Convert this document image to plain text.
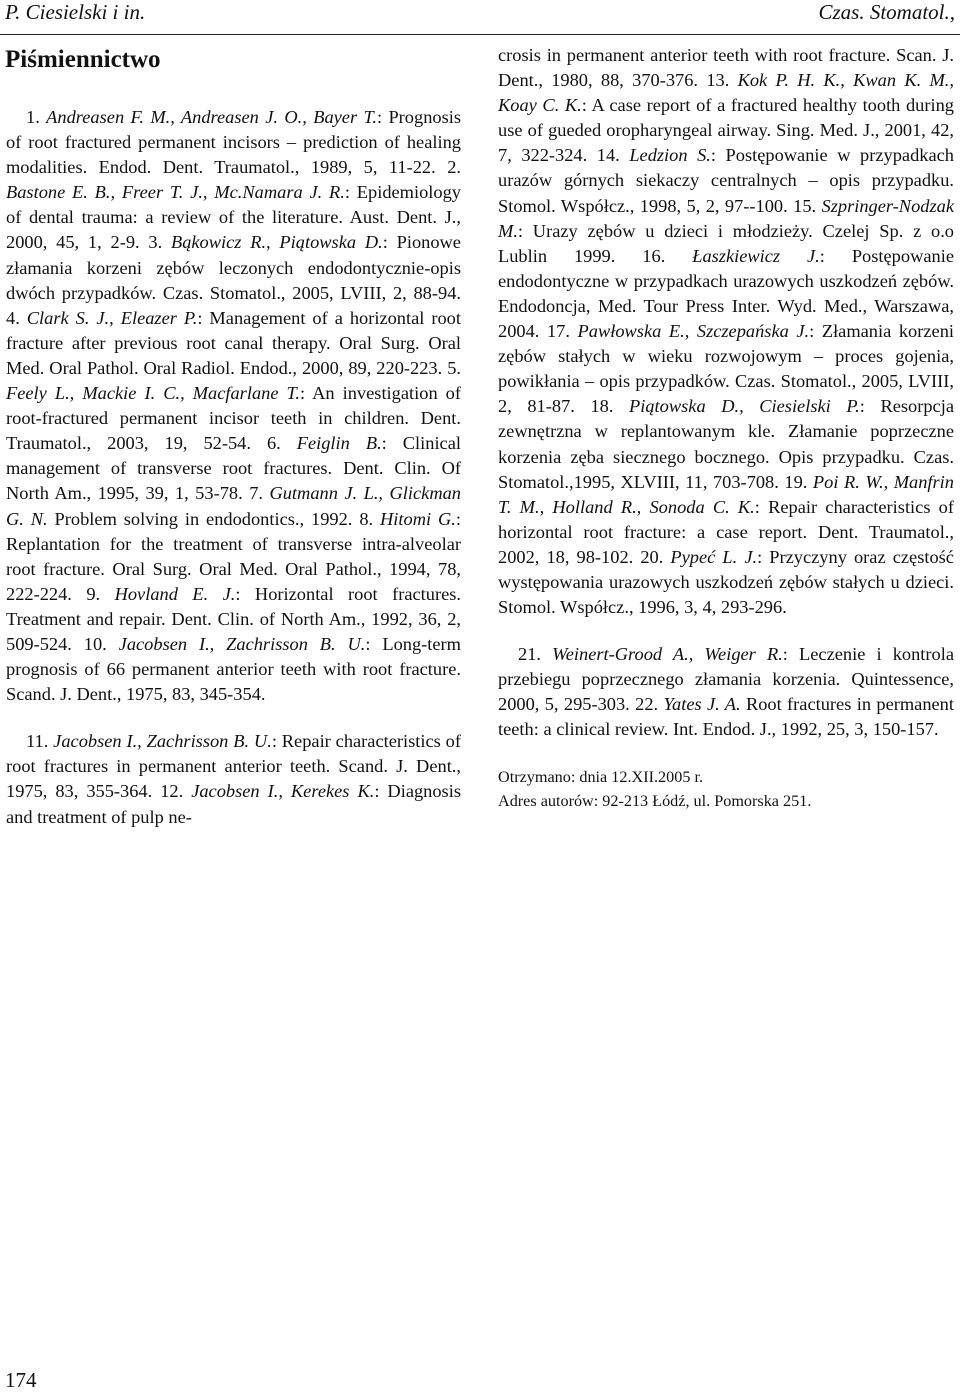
P. Ciesielski i in.	Czas. Stomatol.,
Piśmiennictwo

1. Andreasen F. M., Andreasen J. O., Bayer T.: Prognosis of root fractured permanent incisors – prediction of healing modalities. Endod. Dent. Traumatol., 1989, 5, 11-22. 2. Bastone E. B., Freer T. J., Mc.Namara J. R.: Epidemiology of dental trauma: a review of the literature. Aust. Dent. J., 2000, 45, 1, 2-9. 3. Bąkowicz R., Piątowska D.: Pionowe złamania korzeni zębów leczonych endodontycznie-opis dwóch przypadków. Czas. Stomatol., 2005, LVIII, 2, 88-94. 4. Clark S. J., Eleazer P.: Management of a horizontal root fracture after previous root canal therapy. Oral Surg. Oral Med. Oral Pathol. Oral Radiol. Endod., 2000, 89, 220-223. 5. Feely L., Mackie I. C., Macfarlane T.: An investigation of root-fractured permanent incisor teeth in children. Dent. Traumatol., 2003, 19, 52-54. 6. Feiglin B.: Clinical management of transverse root fractures. Dent. Clin. Of North Am., 1995, 39, 1, 53-78. 7. Gutmann J. L., Glickman G. N. Problem solving in endodontics., 1992. 8. Hitomi G.: Replantation for the treatment of transverse intra-alveolar root fracture. Oral Surg. Oral Med. Oral Pathol., 1994, 78, 222-224. 9. Hovland E. J.: Horizontal root fractures. Treatment and repair. Dent. Clin. of North Am., 1992, 36, 2, 509-524. 10. Jacobsen I., Zachrisson B. U.: Long-term prognosis of 66 permanent anterior teeth with root fracture. Scand. J. Dent., 1975, 83, 345-354.

11. Jacobsen I., Zachrisson B. U.: Repair characteristics of root fractures in permanent anterior teeth. Scand. J. Dent., 1975, 83, 355-364. 12. Jacobsen I., Kerekes K.: Diagnosis and treatment of pulp ne-

crosis in permanent anterior teeth with root fracture. Scan. J. Dent., 1980, 88, 370-376. 13. Kok P. H. K., Kwan K. M., Koay C. K.: A case report of a fractured healthy tooth during use of gueded oropharyngeal airway. Sing. Med. J., 2001, 42, 7, 322-324. 14. Ledzion S.: Postępowanie w przypadkach urazów górnych siekaczy centralnych – opis przypadku. Stomol. Współcz., 1998, 5, 2, 97--100. 15. Szpringer-Nodzak M.: Urazy zębów u dzieci i młodzieży. Czelej Sp. z o.o Lublin 1999. 16. Łaszkiewicz J.: Postępowanie endodontyczne w przypadkach urazowych uszkodzeń zębów. Endodoncja, Med. Tour Press Inter. Wyd. Med., Warszawa, 2004. 17. Pawłowska E., Szczepańska J.: Złamania korzeni zębów stałych w wieku rozwojowym – proces gojenia, powikłania – opis przypadków. Czas. Stomatol., 2005, LVIII, 2, 81-87. 18. Piątowska D., Ciesielski P.: Resorpcja zewnętrzna w replantowanym kle. Złamanie poprzeczne korzenia zęba siecznego bocznego. Opis przypadku. Czas. Stomatol.,1995, XLVIII, 11, 703-708. 19. Poi R. W., Manfrin T. M., Holland R., Sonoda C. K.: Repair characteristics of horizontal root fracture: a case report. Dent. Traumatol., 2002, 18, 98-102. 20. Pypeć L. J.: Przyczyny oraz częstość występowania urazowych uszkodzeń zębów stałych u dzieci. Stomol. Współcz., 1996, 3, 4, 293-296.

21. Weinert-Grood A., Weiger R.: Leczenie i kontrola przebiegu poprzecznego złamania korzenia. Quintessence, 2000, 5, 295-303. 22. Yates J. A. Root fractures in permanent teeth: a clinical review. Int. Endod. J., 1992, 25, 3, 150-157.

Otrzymano: dnia 12.XII.2005 r.

Adres autorów: 92-213 Łódź, ul. Pomorska 251.

174
